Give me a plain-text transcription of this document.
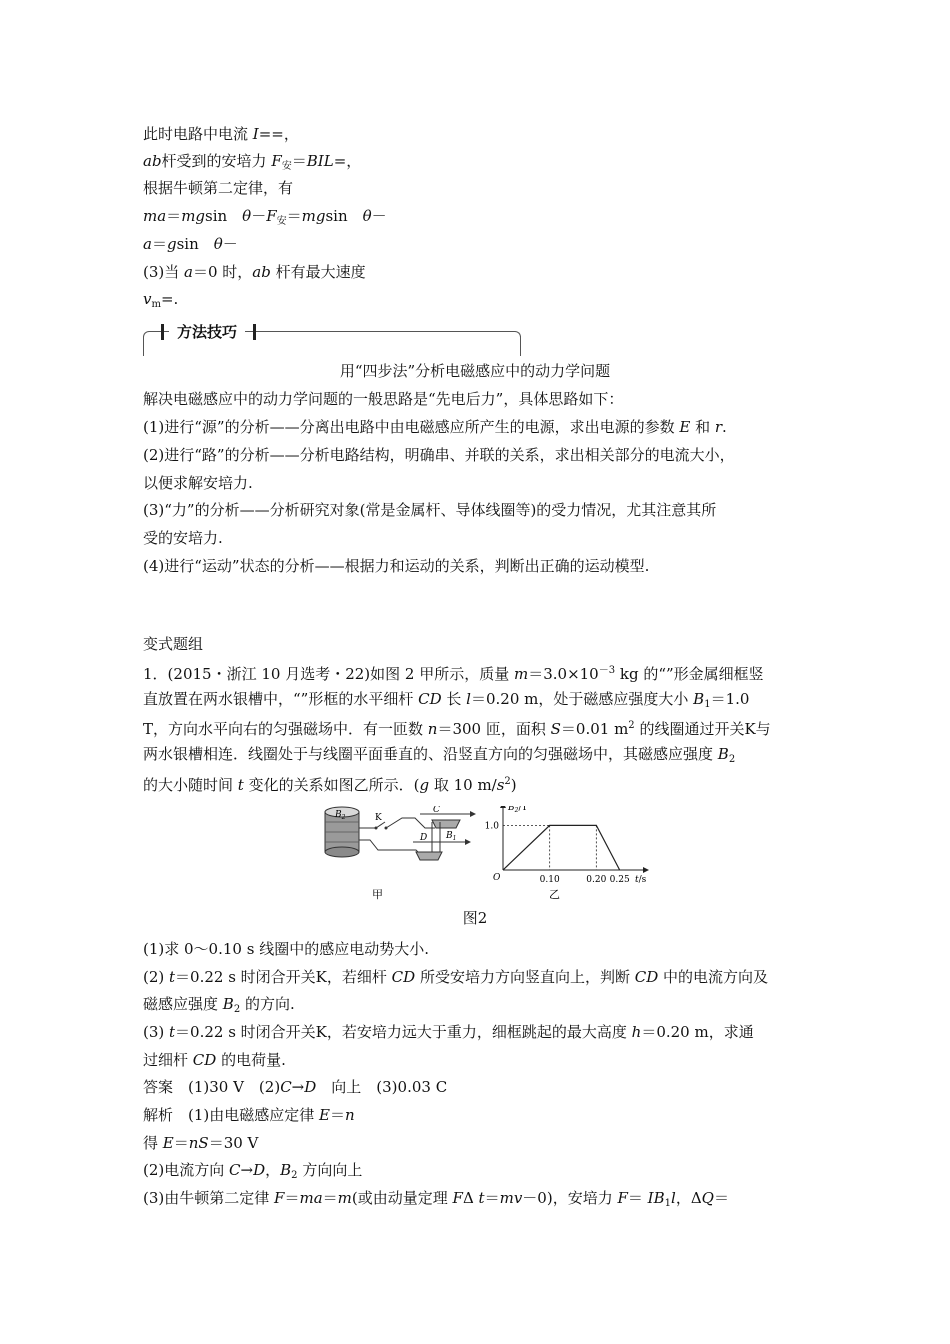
此时电路中电流 I==，
ab杆受到的安培力 $F_安=BIL=$，
根据牛顿第二定律，有
ma＝mgsin　$\theta-F_安=mgsin$　θ－
a＝gsin　θ－
(3)当 a＝0 时，ab 杆有最大速度
$v_m=$.
方法技巧
用“四步法”分析电磁感应中的动力学问题
解决电磁感应中的动力学问题的一般思路是“先电后力”，具体思路如下：
(1)进行“源”的分析——分离出电路中由电磁感应所产生的电源，求出电源的参数 E 和 r.
(2)进行“路”的分析——分析电路结构，明确串、并联的关系，求出相关部分的电流大小，
以便求解安培力.
(3)“力”的分析——分析研究对象(常是金属杆、导体线圈等)的受力情况，尤其注意其所
受的安培力.
(4)进行“运动”状态的分析——根据力和运动的关系，判断出正确的运动模型.
变式题组
1．(2015・浙江 10 月选考・22)如图 2 甲所示，质量 $m=3.0\times 10^{-3}$ kg 的“”形金属细框竖
直放置在两水银槽中，“”形框的水平细杆 CD 长 l＝0.20 m，处于磁感应强度大小 $B_1=1.0$
T，方向水平向右的匀强磁场中．有一匝数 n＝300 匝，面积 S＝0.01 $m^2$ 的线圈通过开关K与
两水银槽相连．线圈处于与线圈平面垂直的、沿竖直方向的匀强磁场中，其磁感应强度 $B_2$
的大小随时间 t 变化的关系如图乙所示．(g 取 10 $m/s^2$)
$B_2$	K
C
D $B_1$
甲
$B_2/T$
t/s
O
1.0
0.10	0.20 0.25
乙
图2
(1)求 0～0.10 s 线圈中的感应电动势大小.
(2) t＝0.22 s 时闭合开关K，若细杆 CD 所受安培力方向竖直向上，判断 CD 中的电流方向及
磁感应强度 $B_2$ 的方向.
(3) t＝0.22 s 时闭合开关K，若安培力远大于重力，细框跳起的最大高度 h＝0.20 m，求通
过细杆 CD 的电荷量.
答案　(1)30 V　(2)C→D　向上　(3)0.03 C
解析　(1)由电磁感应定律 E＝n
得 E＝nS＝30 V
(2)电流方向 C→D，$B_2$ 方向向上
(3)由牛顿第二定律 F＝ma＝m(或由动量定理 FΔ t＝mv－0)，安培力 $F= IB_1l$，ΔQ＝
